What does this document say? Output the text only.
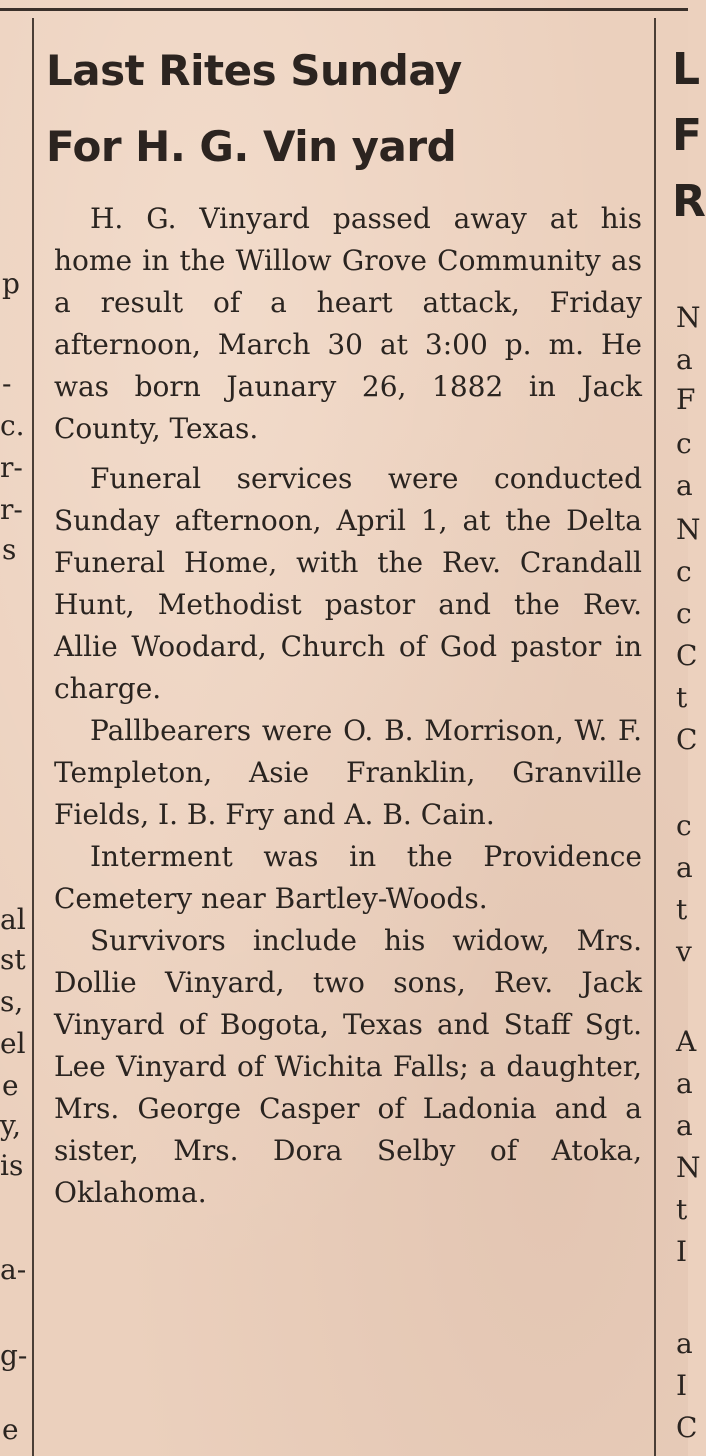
p
-
c.
r-
r-
s
al
st
s,
el
e
y,
is
a-
g-
e
L
F
R
N
a
F
c
a
N
c
c
C
t
C
c
a
t
v
A
a
a
N
t
I
a
I
C
Last Rites Sunday
For H. G. Vin yard

H. G. Vinyard passed away at his home in the Willow Grove Community as a result of a heart attack, Friday afternoon, March 30 at 3:00 p. m. He was born Jaunary 26, 1882 in Jack County, Texas.

Funeral services were conducted Sunday afternoon, April 1, at the Delta Funeral Home, with the Rev. Crandall Hunt, Methodist pastor and the Rev. Allie Woodard, Church of God pastor in charge.

Pallbearers were O. B. Morrison, W. F. Templeton, Asie Franklin, Granville Fields, I. B. Fry and A. B. Cain.

Interment was in the Providence Cemetery near Bartley-Woods.

Survivors include his widow, Mrs. Dollie Vinyard, two sons, Rev. Jack Vinyard of Bogota, Texas and Staff Sgt. Lee Vinyard of Wichita Falls; a daughter, Mrs. George Casper of Ladonia and a sister, Mrs. Dora Selby of Atoka, Oklahoma.
